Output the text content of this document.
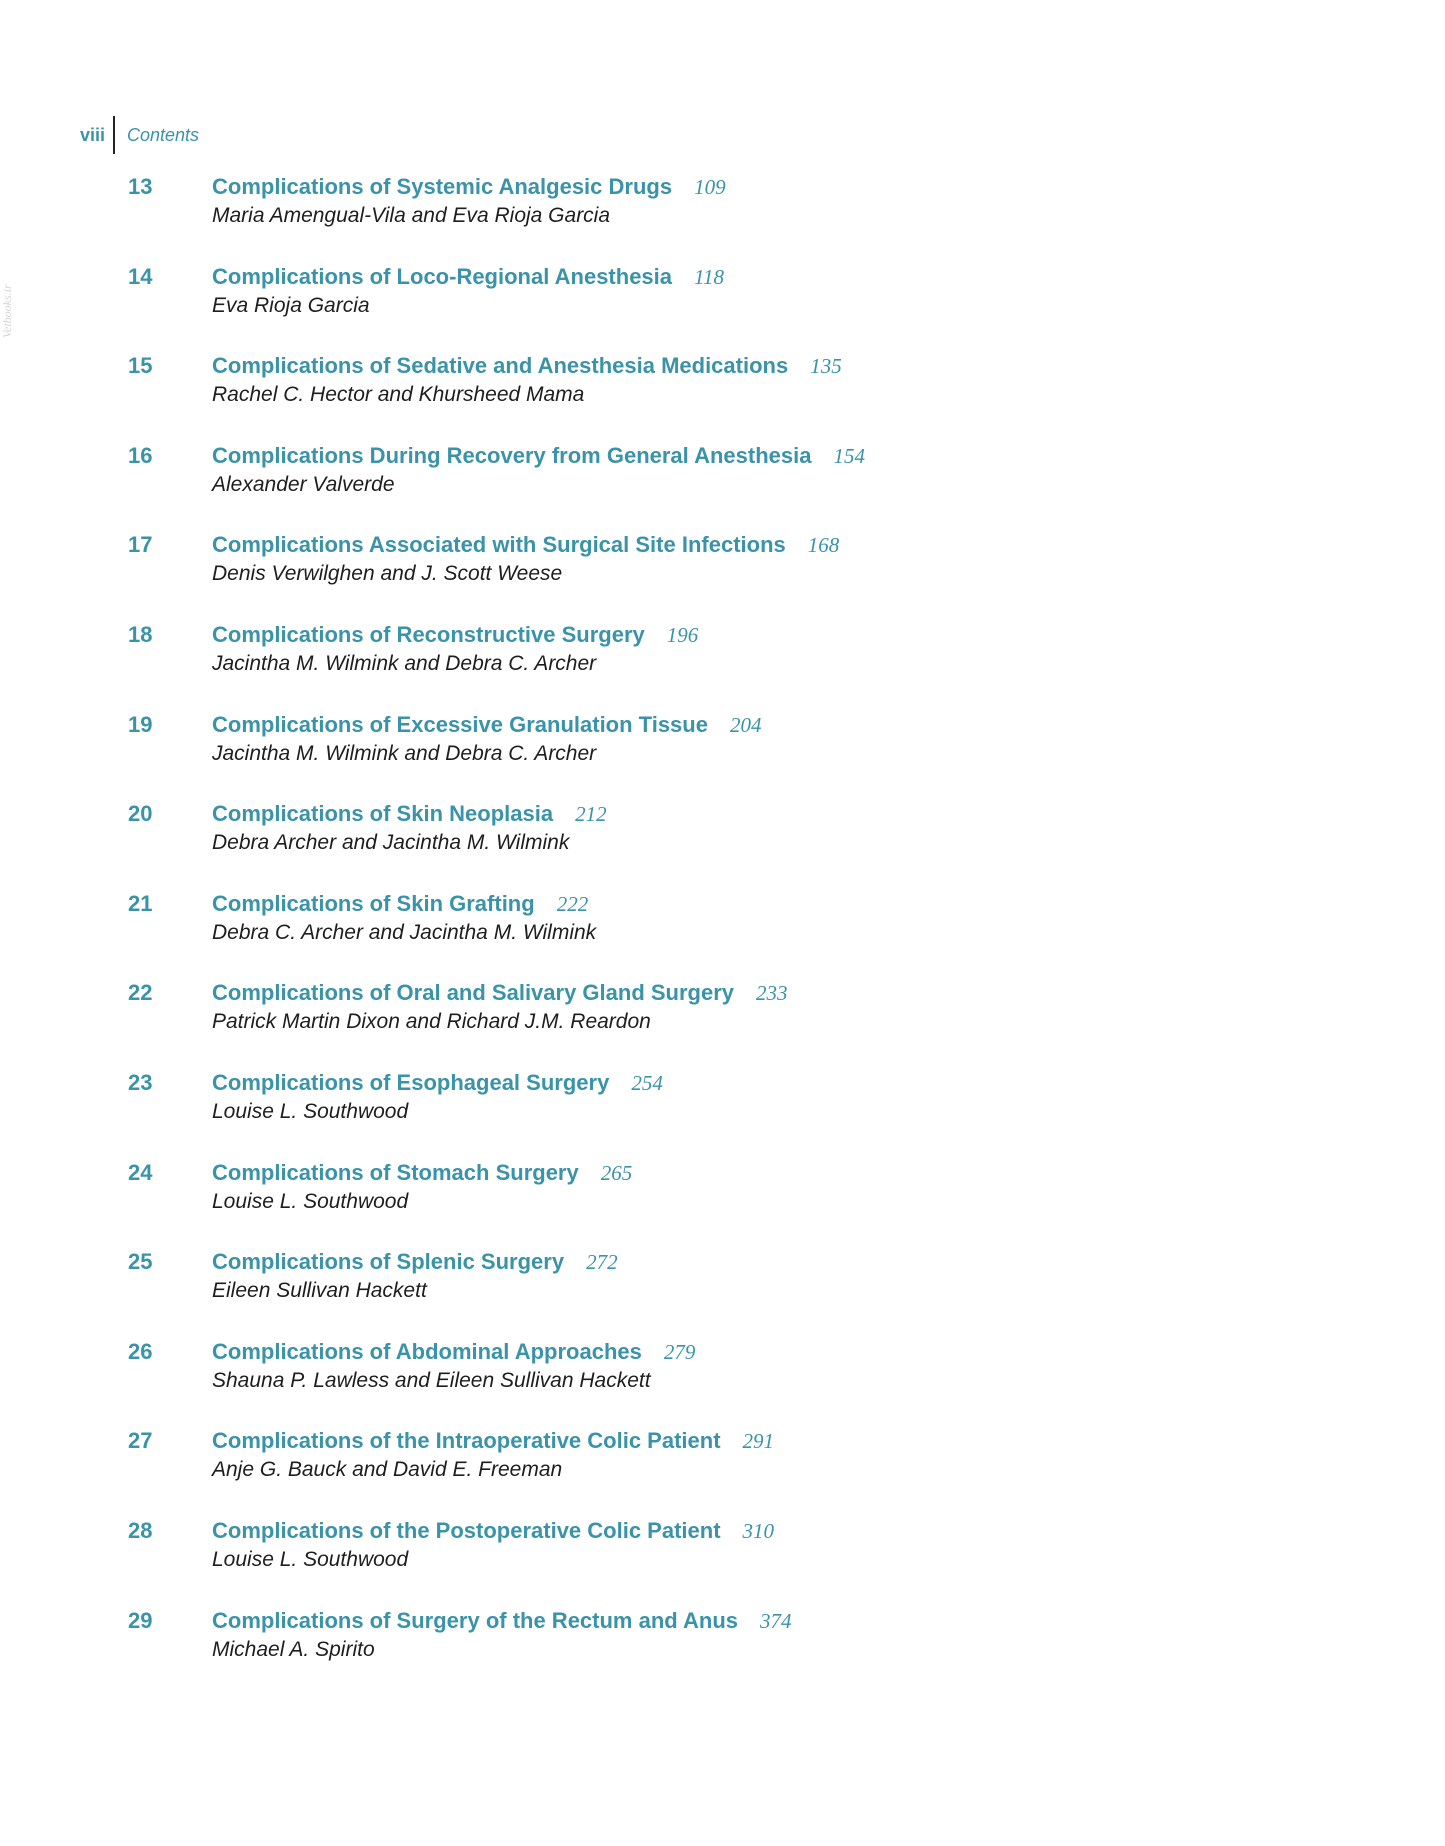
viii	Contents
Vetbooks.ir
13	Complications of Systemic Analgesic Drugs 109
Maria Amengual-Vila and Eva Rioja Garcia
14	Complications of Loco-Regional Anesthesia 118
Eva Rioja Garcia
15	Complications of Sedative and Anesthesia Medications 135
Rachel C. Hector and Khursheed Mama
16	Complications During Recovery from General Anesthesia 154
Alexander Valverde
17	Complications Associated with Surgical Site Infections 168
Denis Verwilghen and J. Scott Weese
18	Complications of Reconstructive Surgery 196
Jacintha M. Wilmink and Debra C. Archer
19	Complications of Excessive Granulation Tissue 204
Jacintha M. Wilmink and Debra C. Archer
20	Complications of Skin Neoplasia 212
Debra Archer and Jacintha M. Wilmink
21	Complications of Skin Grafting 222
Debra C. Archer and Jacintha M. Wilmink
22	Complications of Oral and Salivary Gland Surgery 233
Patrick Martin Dixon and Richard J.M. Reardon
23	Complications of Esophageal Surgery 254
Louise L. Southwood
24	Complications of Stomach Surgery 265
Louise L. Southwood
25	Complications of Splenic Surgery 272
Eileen Sullivan Hackett
26	Complications of Abdominal Approaches 279
Shauna P. Lawless and Eileen Sullivan Hackett
27	Complications of the Intraoperative Colic Patient 291
Anje G. Bauck and David E. Freeman
28	Complications of the Postoperative Colic Patient 310
Louise L. Southwood
29	Complications of Surgery of the Rectum and Anus 374
Michael A. Spirito
